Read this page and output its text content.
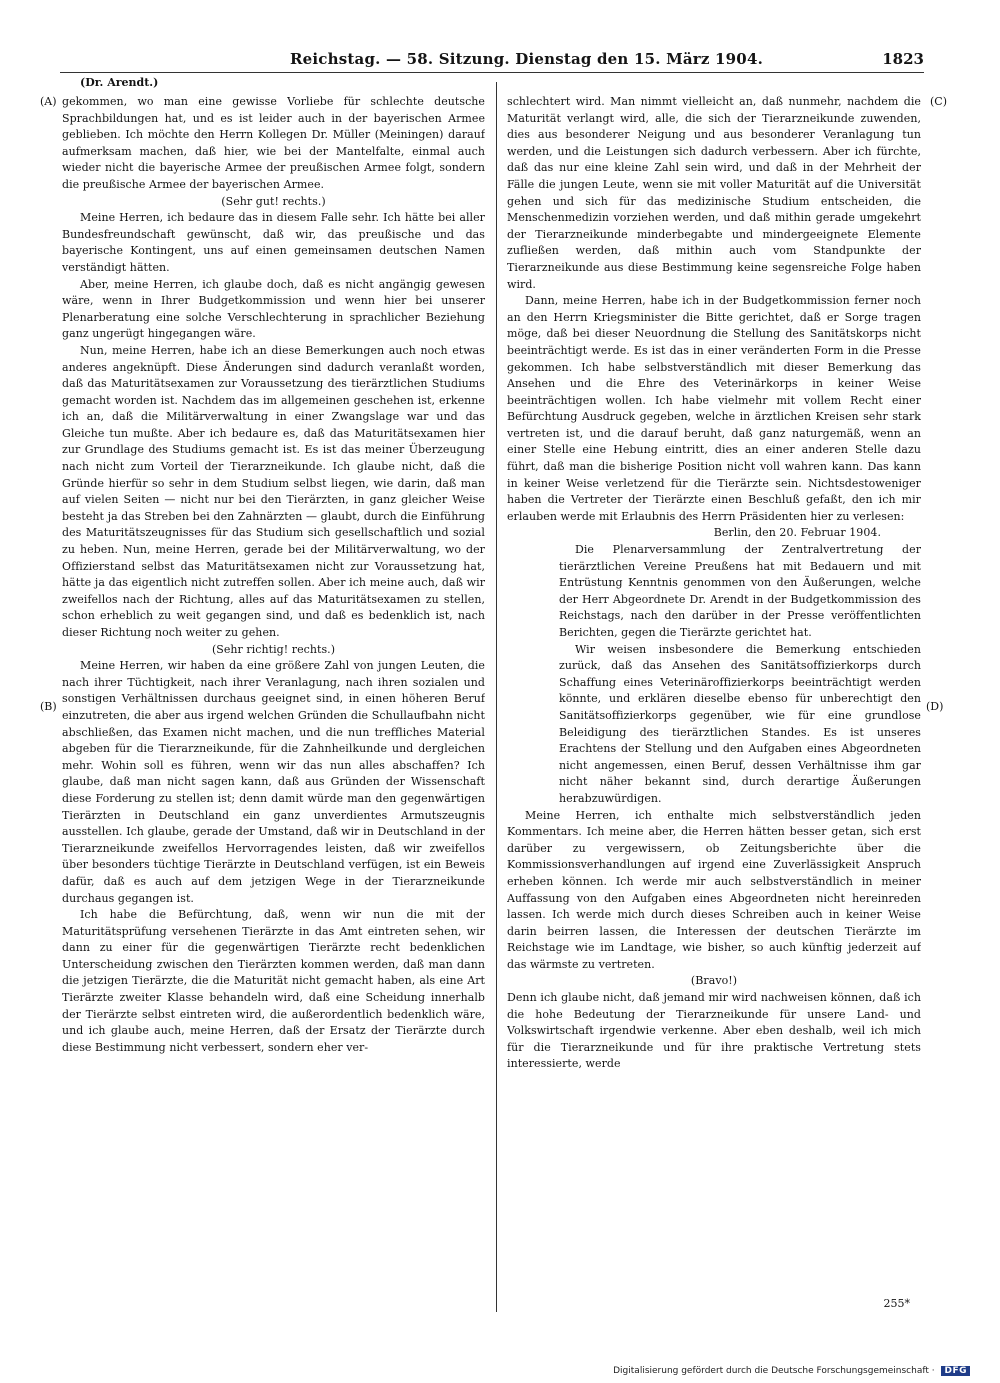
Reichstag. — 58. Sitzung. Dienstag den 15. März 1904.	1823
(Dr. Arendt.)
(A)
(B)
(C)
(D)

gekommen, wo man eine gewisse Vorliebe für schlechte deutsche Sprachbildungen hat, und es ist leider auch in der bayerischen Armee geblieben. Ich möchte den Herrn Kollegen Dr. Müller (Meiningen) darauf aufmerksam machen, daß hier, wie bei der Mantelfalte, einmal auch wieder nicht die bayerische Armee der preußischen Armee folgt, sondern die preußische Armee der bayerischen Armee.

(Sehr gut! rechts.)

Meine Herren, ich bedaure das in diesem Falle sehr. Ich hätte bei aller Bundesfreundschaft gewünscht, daß wir, das preußische und das bayerische Kontingent, uns auf einen gemeinsamen deutschen Namen verständigt hätten.

Aber, meine Herren, ich glaube doch, daß es nicht angängig gewesen wäre, wenn in Ihrer Budgetkommission und wenn hier bei unserer Plenarberatung eine solche Verschlechterung in sprachlicher Beziehung ganz ungerügt hingegangen wäre.

Nun, meine Herren, habe ich an diese Bemerkungen auch noch etwas anderes angeknüpft. Diese Änderungen sind dadurch veranlaßt worden, daß das Maturitätsexamen zur Voraussetzung des tierärztlichen Studiums gemacht worden ist. Nachdem das im allgemeinen geschehen ist, erkenne ich an, daß die Militärverwaltung in einer Zwangslage war und das Gleiche tun mußte. Aber ich bedaure es, daß das Maturitätsexamen hier zur Grundlage des Studiums gemacht ist. Es ist das meiner Überzeugung nach nicht zum Vorteil der Tierarzneikunde. Ich glaube nicht, daß die Gründe hierfür so sehr in dem Studium selbst liegen, wie darin, daß man auf vielen Seiten — nicht nur bei den Tierärzten, in ganz gleicher Weise besteht ja das Streben bei den Zahnärzten — glaubt, durch die Einführung des Maturitätszeugnisses für das Studium sich gesellschaftlich und sozial zu heben. Nun, meine Herren, gerade bei der Militärverwaltung, wo der Offizierstand selbst das Maturitätsexamen nicht zur Voraussetzung hat, hätte ja das eigentlich nicht zutreffen sollen. Aber ich meine auch, daß wir zweifellos nach der Richtung, alles auf das Maturitätsexamen zu stellen, schon erheblich zu weit gegangen sind, und daß es bedenklich ist, nach dieser Richtung noch weiter zu gehen.

(Sehr richtig! rechts.)

Meine Herren, wir haben da eine größere Zahl von jungen Leuten, die nach ihrer Tüchtigkeit, nach ihrer Veranlagung, nach ihren sozialen und sonstigen Verhältnissen durchaus geeignet sind, in einen höheren Beruf einzutreten, die aber aus irgend welchen Gründen die Schullaufbahn nicht abschließen, das Examen nicht machen, und die nun treffliches Material abgeben für die Tierarzneikunde, für die Zahnheilkunde und dergleichen mehr. Wohin soll es führen, wenn wir das nun alles abschaffen? Ich glaube, daß man nicht sagen kann, daß aus Gründen der Wissenschaft diese Forderung zu stellen ist; denn damit würde man den gegenwärtigen Tierärzten in Deutschland ein ganz unverdientes Armutszeugnis ausstellen. Ich glaube, gerade der Umstand, daß wir in Deutschland in der Tierarzneikunde zweifellos Hervorragendes leisten, daß wir zweifellos über besonders tüchtige Tierärzte in Deutschland verfügen, ist ein Beweis dafür, daß es auch auf dem jetzigen Wege in der Tierarzneikunde durchaus gegangen ist.

Ich habe die Befürchtung, daß, wenn wir nun die mit der Maturitätsprüfung versehenen Tierärzte in das Amt eintreten sehen, wir dann zu einer für die gegenwärtigen Tierärzte recht bedenklichen Unterscheidung zwischen den Tierärzten kommen werden, daß man dann die jetzigen Tierärzte, die die Maturität nicht gemacht haben, als eine Art Tierärzte zweiter Klasse behandeln wird, daß eine Scheidung innerhalb der Tierärzte selbst eintreten wird, die außerordentlich bedenklich wäre, und ich glaube auch, meine Herren, daß der Ersatz der Tierärzte durch diese Bestimmung nicht verbessert, sondern eher ver-

schlechtert wird. Man nimmt vielleicht an, daß nunmehr, nachdem die Maturität verlangt wird, alle, die sich der Tierarzneikunde zuwenden, dies aus besonderer Neigung und aus besonderer Veranlagung tun werden, und die Leistungen sich dadurch verbessern. Aber ich fürchte, daß das nur eine kleine Zahl sein wird, und daß in der Mehrheit der Fälle die jungen Leute, wenn sie mit voller Maturität auf die Universität gehen und sich für das medizinische Studium entscheiden, die Menschenmedizin vorziehen werden, und daß mithin gerade umgekehrt der Tierarzneikunde minderbegabte und mindergeeignete Elemente zufließen werden, daß mithin auch vom Standpunkte der Tierarzneikunde aus diese Bestimmung keine segensreiche Folge haben wird.

Dann, meine Herren, habe ich in der Budgetkommission ferner noch an den Herrn Kriegsminister die Bitte gerichtet, daß er Sorge tragen möge, daß bei dieser Neuordnung die Stellung des Sanitätskorps nicht beeinträchtigt werde. Es ist das in einer veränderten Form in die Presse gekommen. Ich habe selbstverständlich mit dieser Bemerkung das Ansehen und die Ehre des Veterinärkorps in keiner Weise beeinträchtigen wollen. Ich habe vielmehr mit vollem Recht einer Befürchtung Ausdruck gegeben, welche in ärztlichen Kreisen sehr stark vertreten ist, und die darauf beruht, daß ganz naturgemäß, wenn an einer Stelle eine Hebung eintritt, dies an einer anderen Stelle dazu führt, daß man die bisherige Position nicht voll wahren kann. Das kann in keiner Weise verletzend für die Tierärzte sein. Nichtsdestoweniger haben die Vertreter der Tierärzte einen Beschluß gefaßt, den ich mir erlauben werde mit Erlaubnis des Herrn Präsidenten hier zu verlesen:

Berlin, den 20. Februar 1904.

Die Plenarversammlung der Zentralvertretung der tierärztlichen Vereine Preußens hat mit Bedauern und mit Entrüstung Kenntnis genommen von den Äußerungen, welche der Herr Abgeordnete Dr. Arendt in der Budgetkommission des Reichstags, nach den darüber in der Presse veröffentlichten Berichten, gegen die Tierärzte gerichtet hat.

Wir weisen insbesondere die Bemerkung entschieden zurück, daß das Ansehen des Sanitätsoffizierkorps durch Schaffung eines Veterinäroffizierkorps beeinträchtigt werden könnte, und erklären dieselbe ebenso für unberechtigt den Sanitätsoffizierkorps gegenüber, wie für eine grundlose Beleidigung des tierärztlichen Standes. Es ist unseres Erachtens der Stellung und den Aufgaben eines Abgeordneten nicht angemessen, einen Beruf, dessen Verhältnisse ihm gar nicht näher bekannt sind, durch derartige Äußerungen herabzuwürdigen.

Meine Herren, ich enthalte mich selbstverständlich jeden Kommentars. Ich meine aber, die Herren hätten besser getan, sich erst darüber zu vergewissern, ob Zeitungsberichte über die Kommissionsverhandlungen auf irgend eine Zuverlässigkeit Anspruch erheben können. Ich werde mir auch selbstverständlich in meiner Auffassung von den Aufgaben eines Abgeordneten nicht hereinreden lassen. Ich werde mich durch dieses Schreiben auch in keiner Weise darin beirren lassen, die Interessen der deutschen Tierärzte im Reichstage wie im Landtage, wie bisher, so auch künftig jederzeit auf das wärmste zu vertreten.

(Bravo!)

Denn ich glaube nicht, daß jemand mir wird nachweisen können, daß ich die hohe Bedeutung der Tierarzneikunde für unsere Land- und Volkswirtschaft irgendwie verkenne. Aber eben deshalb, weil ich mich für die Tierarzneikunde und für ihre praktische Vertretung stets interessierte, werde

255*
Digitalisierung gefördert durch die Deutsche Forschungsgemeinschaft · DFG
